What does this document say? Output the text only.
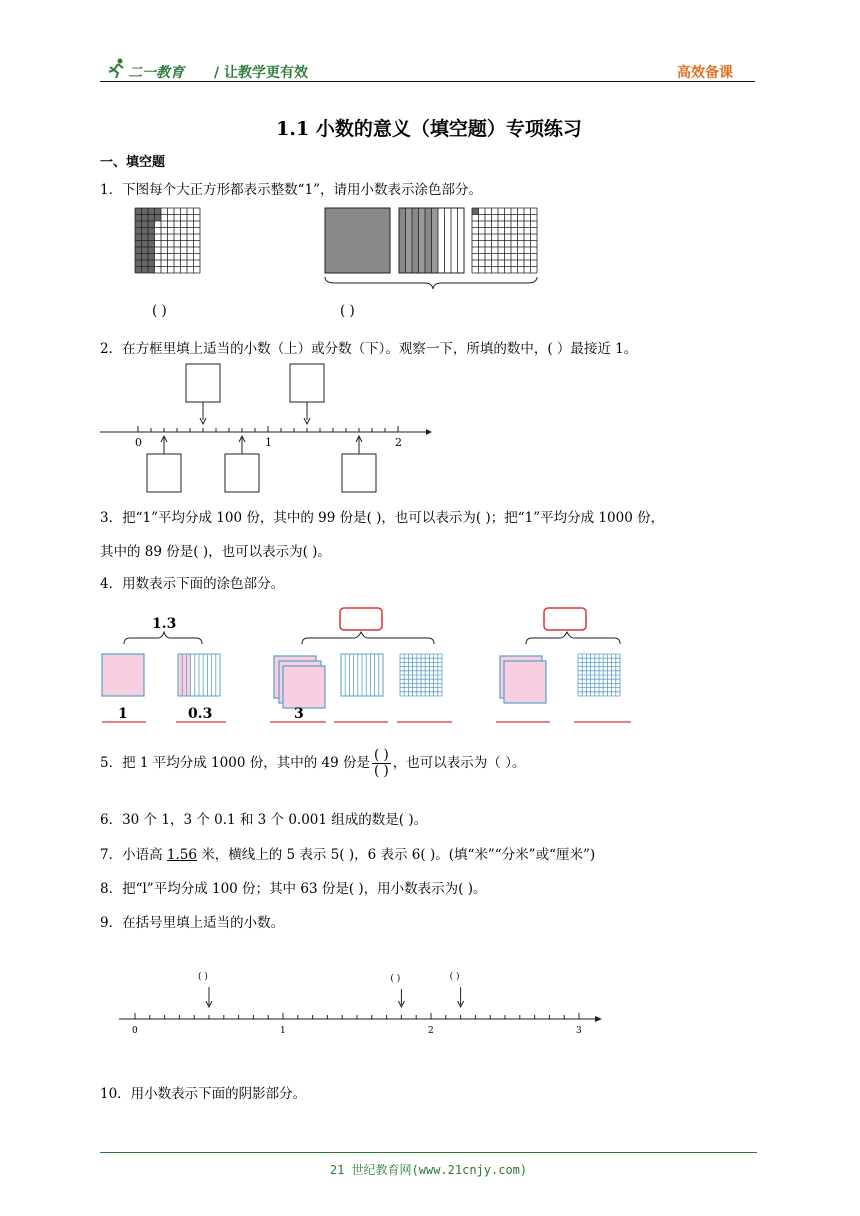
二一教育 / 让教学更有效	高效备课
1.1 小数的意义（填空题）专项练习
一、填空题
1．下图每个大正方形都表示整数“1”，请用小数表示涂色部分。
( )	( )
2．在方框里填上适当的小数（上）或分数（下）。观察一下，所填的数中，( ）最接近 1。
0	1	2
3．把“1”平均分成 100 份，其中的 99 份是( )，也可以表示为( )；把“1”平均分成 1000 份，
其中的 89 份是( )，也可以表示为( )。
4．用数表示下面的涂色部分。
1.3
1	0.3	3
5．把 1 平均分成 1000 份，其中的 49 份是 $\frac{( )}{( )}$ ，也可以表示为（ ）。
6．30 个 1，3 个 0.1 和 3 个 0.001 组成的数是( )。
7．小语高 1.56 米，横线上的 5 表示 5( )，6 表示 6( )。(填“米”“分米”或“厘米”)
8．把“l”平均分成 100 份；其中 63 份是( )，用小数表示为( )。
9．在括号里填上适当的小数。
0	1	2	3
( )	( )	( )
10．用小数表示下面的阴影部分。
21 世纪教育网(www.21cnjy.com)
